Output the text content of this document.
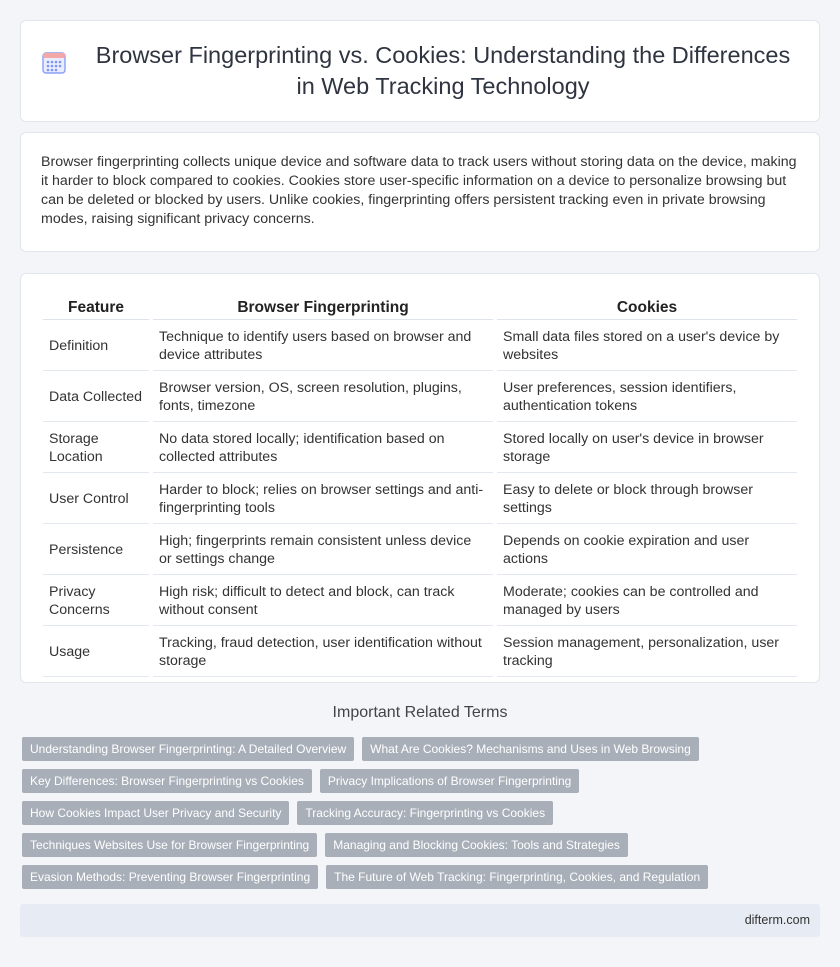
Browser Fingerprinting vs. Cookies: Understanding the Differences in Web Tracking Technology

Browser fingerprinting collects unique device and software data to track users without storing data on the device, making it harder to block compared to cookies. Cookies store user-specific information on a device to personalize browsing but can be deleted or blocked by users. Unlike cookies, fingerprinting offers persistent tracking even in private browsing modes, raising significant privacy concerns.

Feature	Browser Fingerprinting	Cookies
Definition	Technique to identify users based on browser and device attributes	Small data files stored on a user's device by websites
Data Collected	Browser version, OS, screen resolution, plugins, fonts, timezone	User preferences, session identifiers, authentication tokens
Storage Location	No data stored locally; identification based on collected attributes	Stored locally on user's device in browser storage
User Control	Harder to block; relies on browser settings and anti-fingerprinting tools	Easy to delete or block through browser settings
Persistence	High; fingerprints remain consistent unless device or settings change	Depends on cookie expiration and user actions
Privacy Concerns	High risk; difficult to detect and block, can track without consent	Moderate; cookies can be controlled and managed by users
Usage	Tracking, fraud detection, user identification without storage	Session management, personalization, user tracking
Important Related Terms
Understanding Browser Fingerprinting: A Detailed Overview	What Are Cookies? Mechanisms and Uses in Web Browsing
Key Differences: Browser Fingerprinting vs Cookies	Privacy Implications of Browser Fingerprinting
How Cookies Impact User Privacy and Security	Tracking Accuracy: Fingerprinting vs Cookies
Techniques Websites Use for Browser Fingerprinting	Managing and Blocking Cookies: Tools and Strategies
Evasion Methods: Preventing Browser Fingerprinting	The Future of Web Tracking: Fingerprinting, Cookies, and Regulation
difterm.com
